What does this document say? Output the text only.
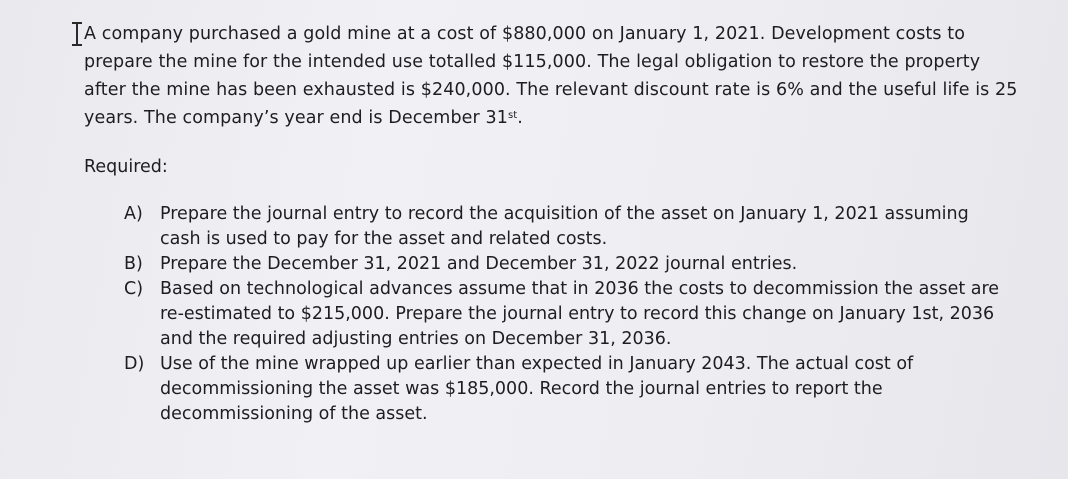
A company purchased a gold mine at a cost of $880,000 on January 1, 2021. Development costs to
prepare the mine for the intended use totalled $115,000. The legal obligation to restore the property
after the mine has been exhausted is $240,000. The relevant discount rate is 6% and the useful life is 25
years. The company’s year end is December 31st.
Required:
A) Prepare the journal entry to record the acquisition of the asset on January 1, 2021 assuming
cash is used to pay for the asset and related costs.
B) Prepare the December 31, 2021 and December 31, 2022 journal entries.
C) Based on technological advances assume that in 2036 the costs to decommission the asset are
re-estimated to $215,000. Prepare the journal entry to record this change on January 1st, 2036
and the required adjusting entries on December 31, 2036.
D) Use of the mine wrapped up earlier than expected in January 2043. The actual cost of
decommissioning the asset was $185,000. Record the journal entries to report the
decommissioning of the asset.
